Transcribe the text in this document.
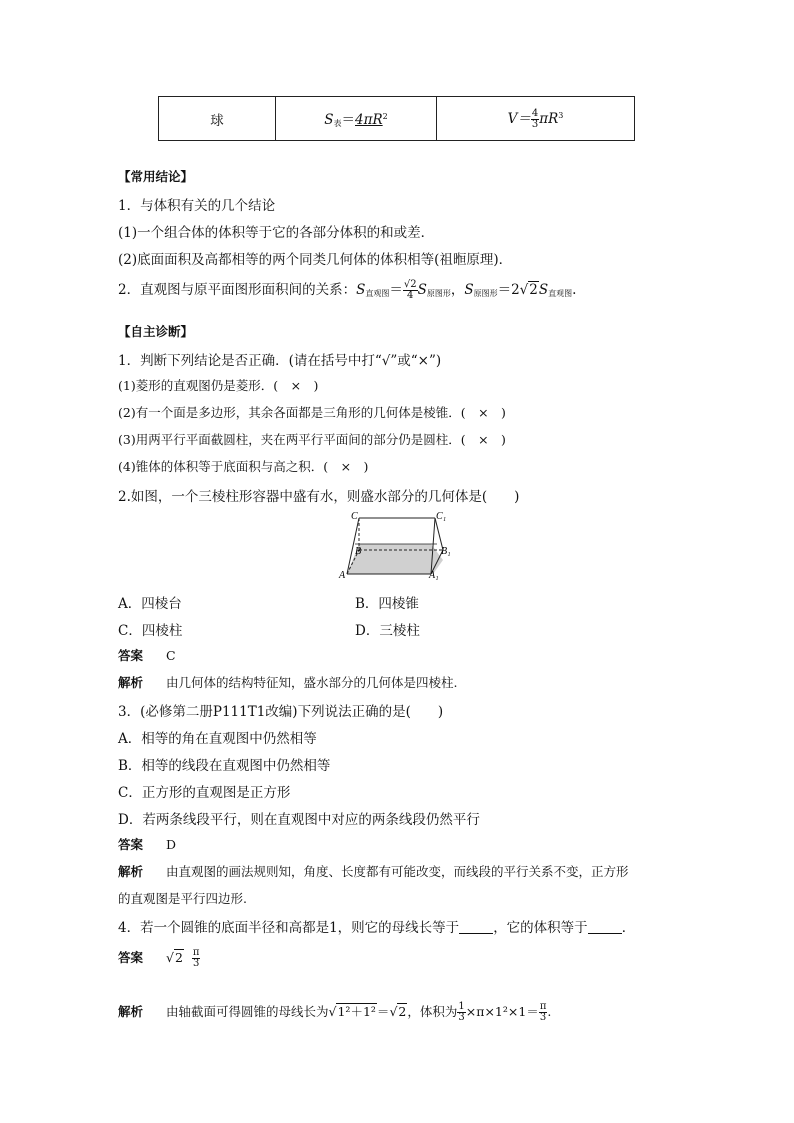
球	S表$=4\pi R^2$	$V= \frac{4}{3} \pi R^3$
【常用结论】
1．与体积有关的几个结论
(1)一个组合体的体积等于它的各部分体积的和或差．
(2)底面面积及高都相等的两个同类几何体的体积相等(祖暅原理)．
2．直观图与原平面图形面积间的关系：S直观图＝ $\frac{√2}{4}$ S原图形，S原图形＝2√2S直观图.
【自主诊断】
1．判断下列结论是否正确．(请在括号中打“√”或“×”)
(1)菱形的直观图仍是菱形．(　×　)
(2)有一个面是多边形，其余各面都是三角形的几何体是棱锥．(　×　)
(3)用两平行平面截圆柱，夹在两平行平面间的部分仍是圆柱．(　×　)
(4)锥体的体积等于底面积与高之积．(　×　)
2.如图，一个三棱柱形容器中盛有水，则盛水部分的几何体是(　　)
C	C₁
B	B₁
A	A₁
A．四棱台	B．四棱锥
C．四棱柱	D．三棱柱
答案 C
解析 由几何体的结构特征知，盛水部分的几何体是四棱柱.
3．(必修第二册P111T1改编)下列说法正确的是(　　)
A．相等的角在直观图中仍然相等
B．相等的线段在直观图中仍然相等
C．正方形的直观图是正方形
D．若两条线段平行，则在直观图中对应的两条线段仍然平行
答案 D
解析 由直观图的画法规则知，角度、长度都有可能改变，而线段的平行关系不变，正方形
的直观图是平行四边形.
4．若一个圆锥的底面半径和高都是1，则它的母线长等于	，它的体积等于	．
答案 $√2 \frac{\pi}{3}$
解析 由轴截面可得圆锥的母线长为√1²＋1²＝√2，体积为 $\frac{1}{3} \times\pi\times 1^2\times 1= \frac{\pi}{3}$ .
